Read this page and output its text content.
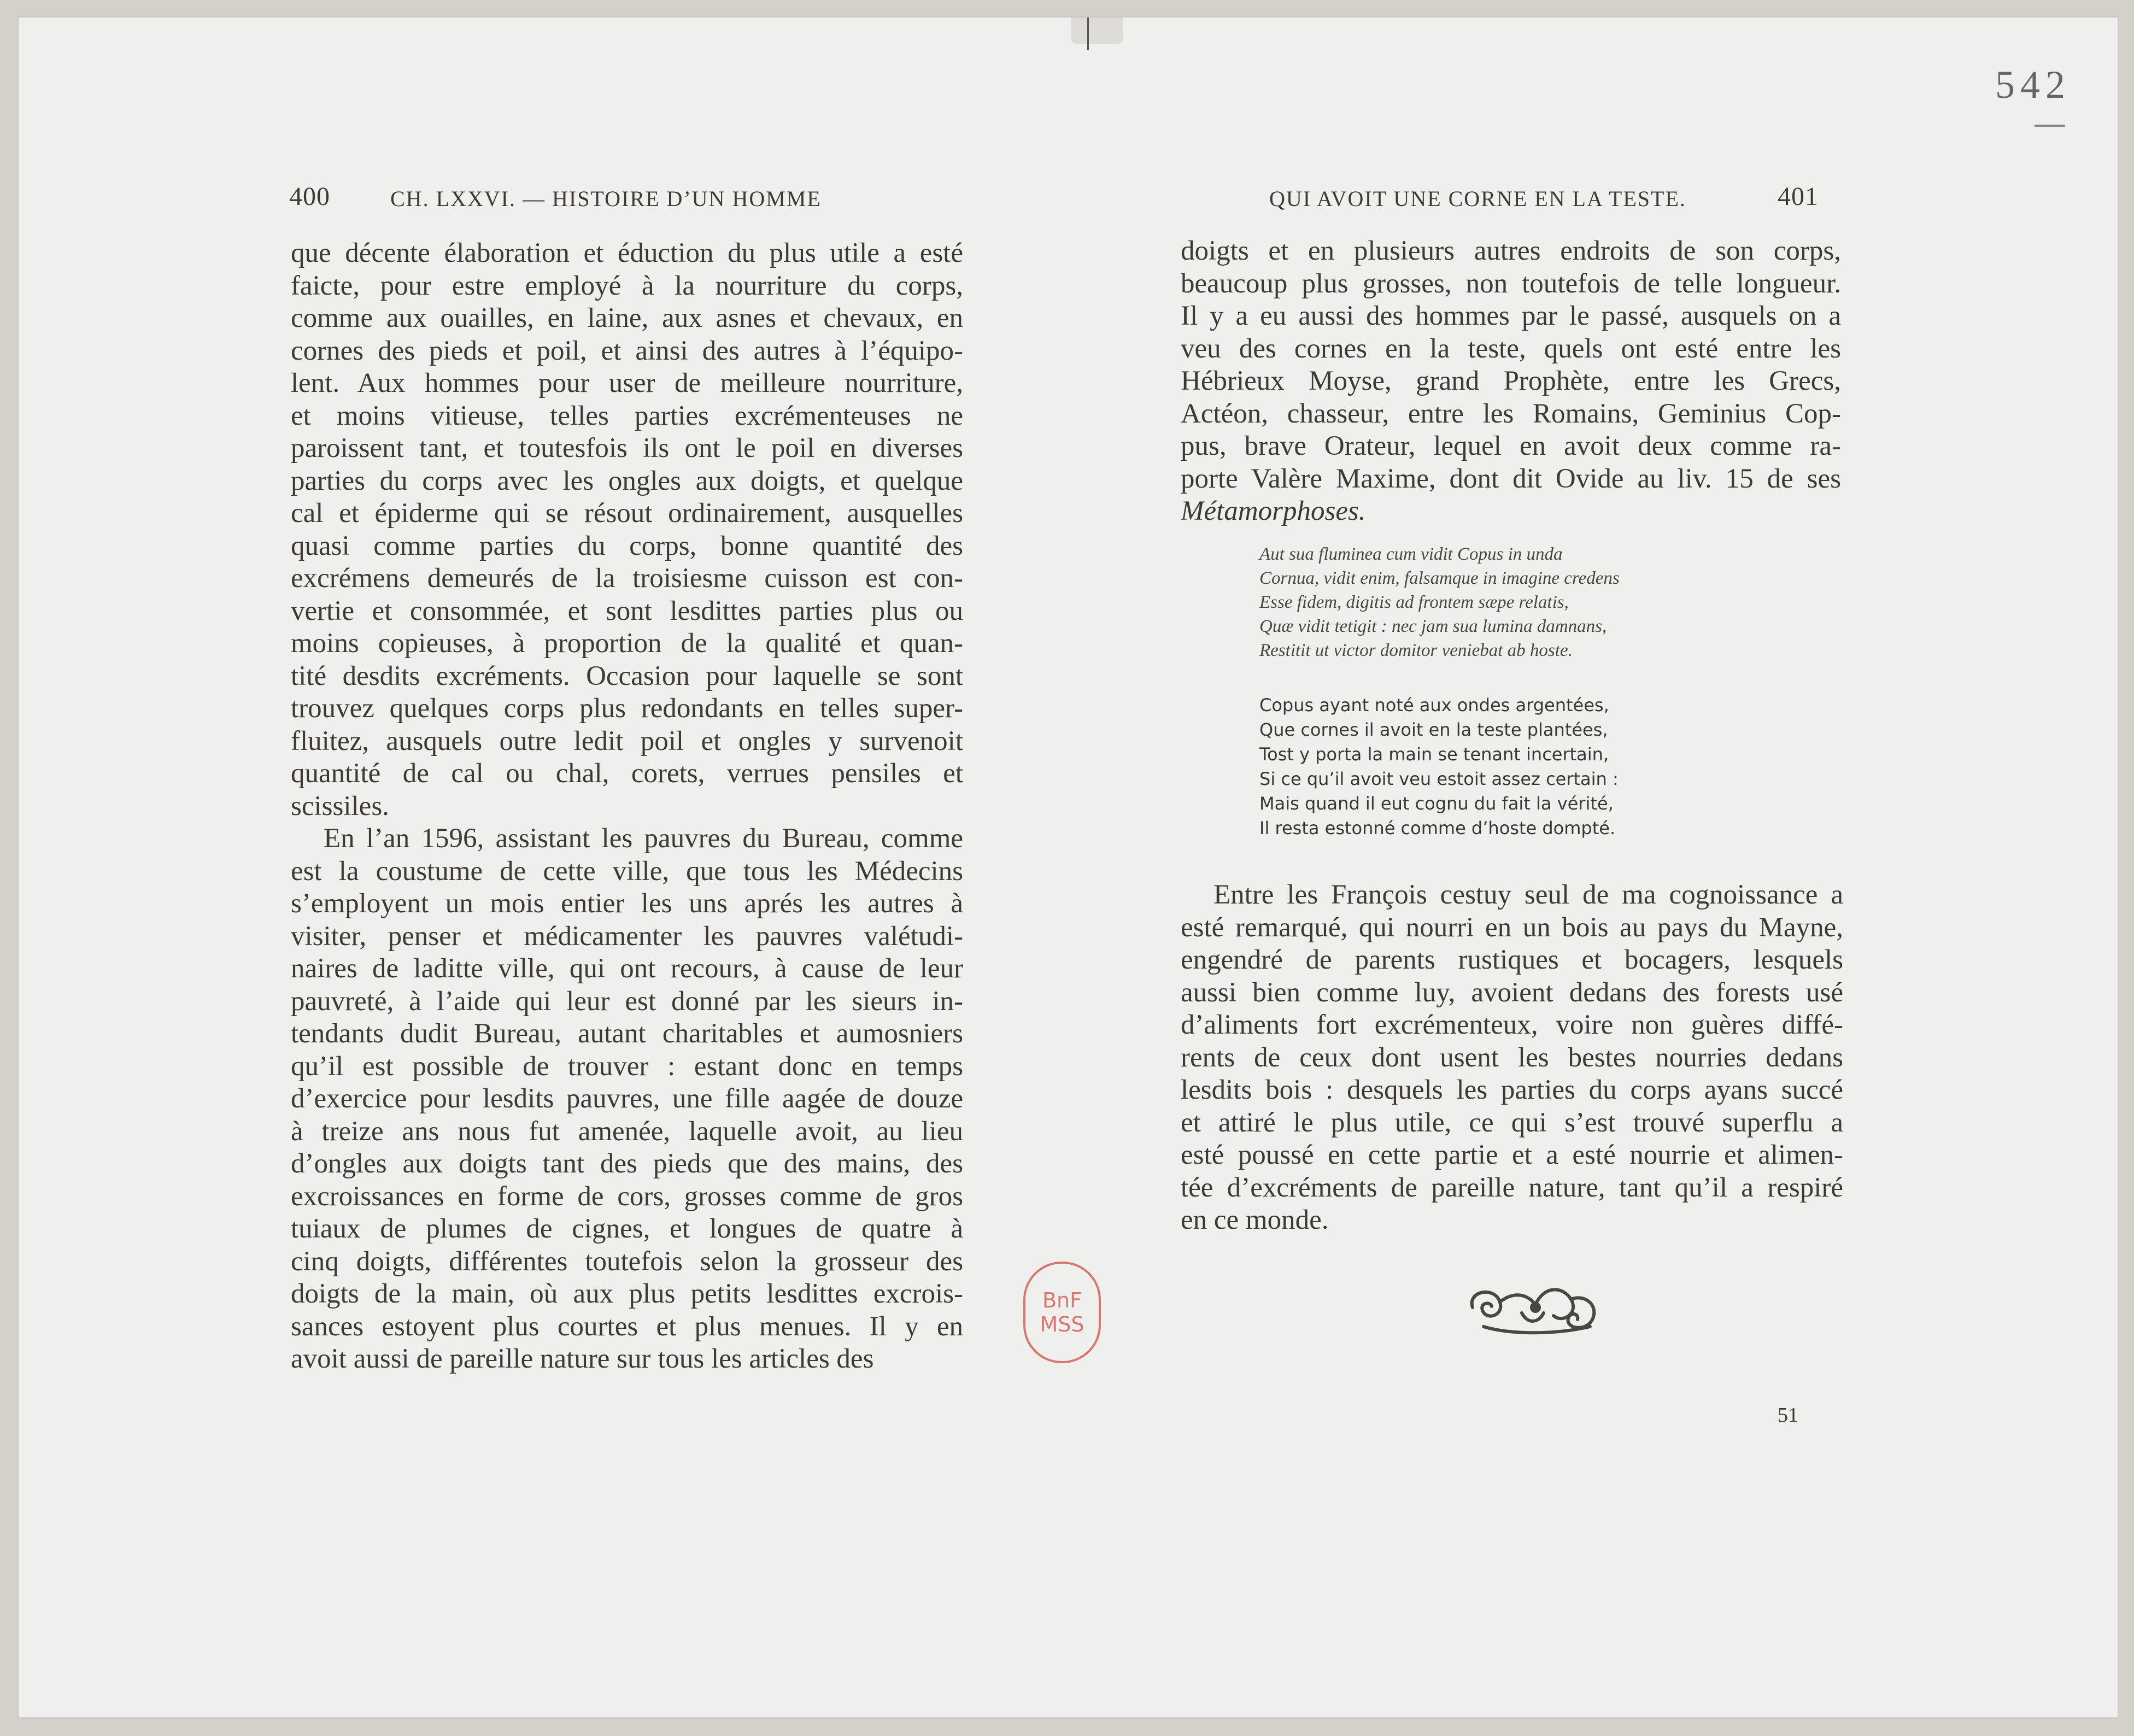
542
400	CH. LXXVI. — HISTOIRE D’UN HOMME
que décente élaboration et éduction du plus utile a esté
faicte, pour estre employé à la nourriture du corps,
comme aux ouailles, en laine, aux asnes et chevaux, en
cornes des pieds et poil, et ainsi des autres à l’équipo-
lent. Aux hommes pour user de meilleure nourriture,
et moins vitieuse, telles parties excrémenteuses ne
paroissent tant, et toutesfois ils ont le poil en diverses
parties du corps avec les ongles aux doigts, et quelque
cal et épiderme qui se résout ordinairement, ausquelles
quasi comme parties du corps, bonne quantité des
excrémens demeurés de la troisiesme cuisson est con-
vertie et consommée, et sont lesdittes parties plus ou
moins copieuses, à proportion de la qualité et quan-
tité desdits excréments. Occasion pour laquelle se sont
trouvez quelques corps plus redondants en telles super-
fluitez, ausquels outre ledit poil et ongles y survenoit
quantité de cal ou chal, corets, verrues pensiles et
scissiles.
En l’an 1596, assistant les pauvres du Bureau, comme
est la coustume de cette ville, que tous les Médecins
s’employent un mois entier les uns aprés les autres à
visiter, penser et médicamenter les pauvres valétudi-
naires de laditte ville, qui ont recours, à cause de leur
pauvreté, à l’aide qui leur est donné par les sieurs in-
tendants dudit Bureau, autant charitables et aumosniers
qu’il est possible de trouver : estant donc en temps
d’exercice pour lesdits pauvres, une fille aagée de douze
à treize ans nous fut amenée, laquelle avoit, au lieu
d’ongles aux doigts tant des pieds que des mains, des
excroissances en forme de cors, grosses comme de gros
tuiaux de plumes de cignes, et longues de quatre à
cinq doigts, différentes toutefois selon la grosseur des
doigts de la main, où aux plus petits lesdittes excrois-
sances estoyent plus courtes et plus menues. Il y en
avoit aussi de pareille nature sur tous les articles des
QUI AVOIT UNE CORNE EN LA TESTE.	401
doigts et en plusieurs autres endroits de son corps,
beaucoup plus grosses, non toutefois de telle longueur.
Il y a eu aussi des hommes par le passé, ausquels on a
veu des cornes en la teste, quels ont esté entre les
Hébrieux Moyse, grand Prophète, entre les Grecs,
Actéon, chasseur, entre les Romains, Geminius Cop-
pus, brave Orateur, lequel en avoit deux comme ra-
porte Valère Maxime, dont dit Ovide au liv. 15 de ses
Métamorphoses.
Aut sua fluminea cum vidit Copus in unda
Cornua, vidit enim, falsamque in imagine credens
Esse fidem, digitis ad frontem sæpe relatis,
Quæ vidit tetigit : nec jam sua lumina damnans,
Restitit ut victor domitor veniebat ab hoste.
Copus ayant noté aux ondes argentées,
Que cornes il avoit en la teste plantées,
Tost y porta la main se tenant incertain,
Si ce qu’il avoit veu estoit assez certain :
Mais quand il eut cognu du fait la vérité,
Il resta estonné comme d’hoste dompté.
Entre les François cestuy seul de ma cognoissance a
esté remarqué, qui nourri en un bois au pays du Mayne,
engendré de parents rustiques et bocagers, lesquels
aussi bien comme luy, avoient dedans des forests usé
d’aliments fort excrémenteux, voire non guères diffé-
rents de ceux dont usent les bestes nourries dedans
lesdits bois : desquels les parties du corps ayans succé
et attiré le plus utile, ce qui s’est trouvé superflu a
esté poussé en cette partie et a esté nourrie et alimen-
tée d’excréments de pareille nature, tant qu’il a respiré
en ce monde.
BnF
MSS
51
